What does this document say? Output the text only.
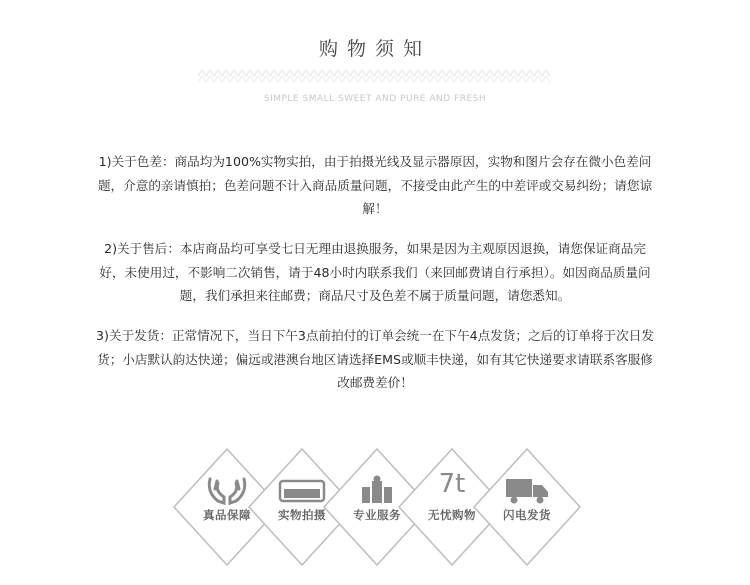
购物须知
SIMPLE SMALL SWEET AND PURE AND FRESH
1)关于色差：商品均为100%实物实拍，由于拍摄光线及显示器原因，实物和图片会存在微小色差问
题，介意的亲请慎拍；色差问题不计入商品质量问题，不接受由此产生的中差评或交易纠纷；请您谅
解！
2)关于售后：本店商品均可享受七日无理由退换服务，如果是因为主观原因退换，请您保证商品完
好，未使用过，不影响二次销售，请于48小时内联系我们（来回邮费请自行承担）。如因商品质量问
题，我们承担来往邮费；商品尺寸及色差不属于质量问题，请您悉知。
3)关于发货：正常情况下，当日下午3点前拍付的订单会统一在下午4点发货；之后的订单将于次日发
货；小店默认韵达快递；偏远或港澳台地区请选择EMS或顺丰快递，如有其它快递要求请联系客服修
改邮费差价！
真品保障	实物拍摄	专业服务
7t
无忧购物	闪电发货
